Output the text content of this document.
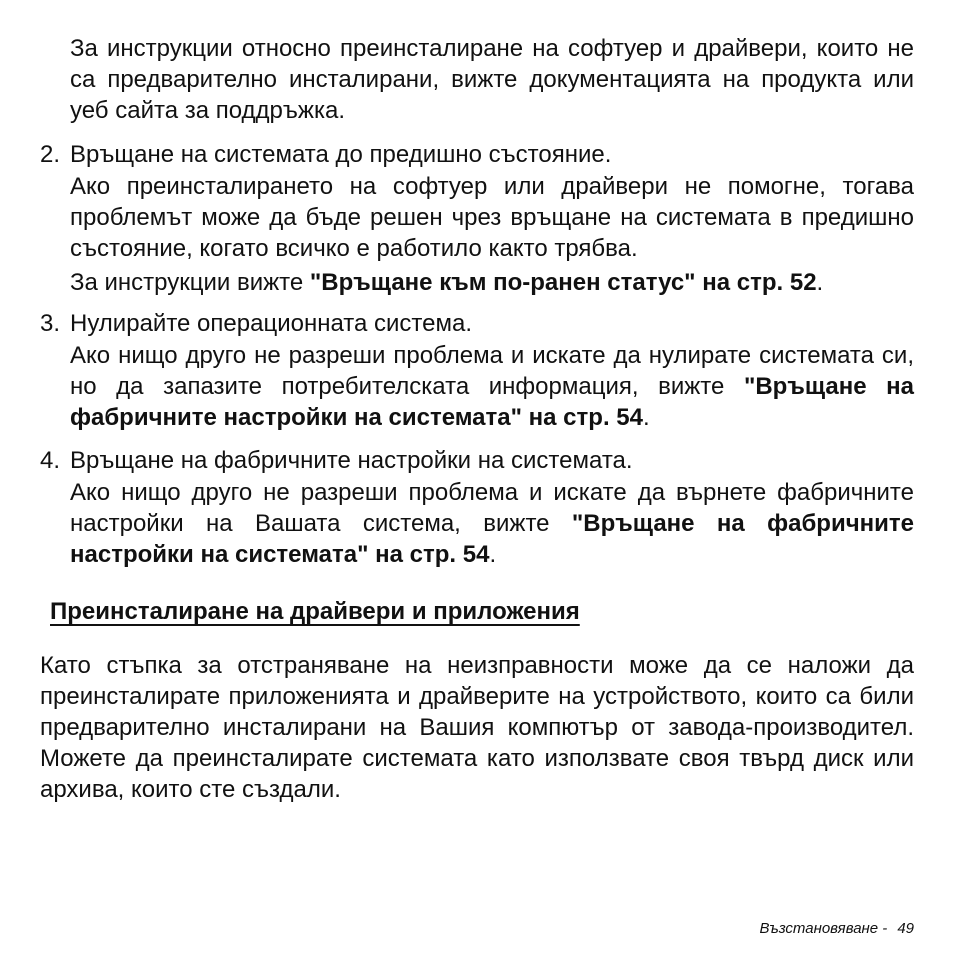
За инструкции относно преинсталиране на софтуер и драйвери, които не са предварително инсталирани, вижте документацията на продукта или уеб сайта за поддръжка.

2. Връщане на системата до предишно състояние.

Ако преинсталирането на софтуер или драйвери не помогне, тогава проблемът може да бъде решен чрез връщане на системата в предишно състояние, когато всичко е работило както трябва.

За инструкции вижте "Връщане към по-ранен статус" на стр. 52.

3. Нулирайте операционната система.

Ако нищо друго не разреши проблема и искате да нулирате системата си, но да запазите потребителската информация, вижте "Връщане на фабричните настройки на системата" на стр. 54.

4. Връщане на фабричните настройки на системата.

Ако нищо друго не разреши проблема и искате да върнете фабричните настройки на Вашата система, вижте "Връщане на фабричните настройки на системата" на стр. 54.

Преинсталиране на драйвери и приложения

Като стъпка за отстраняване на неизправности може да се наложи да преинсталирате приложенията и драйверите на устройството, които са били предварително инсталирани на Вашия компютър от завода-производител. Можете да преинсталирате системата като използвате своя твърд диск или архива, които сте създали.

Възстановяване - 49
